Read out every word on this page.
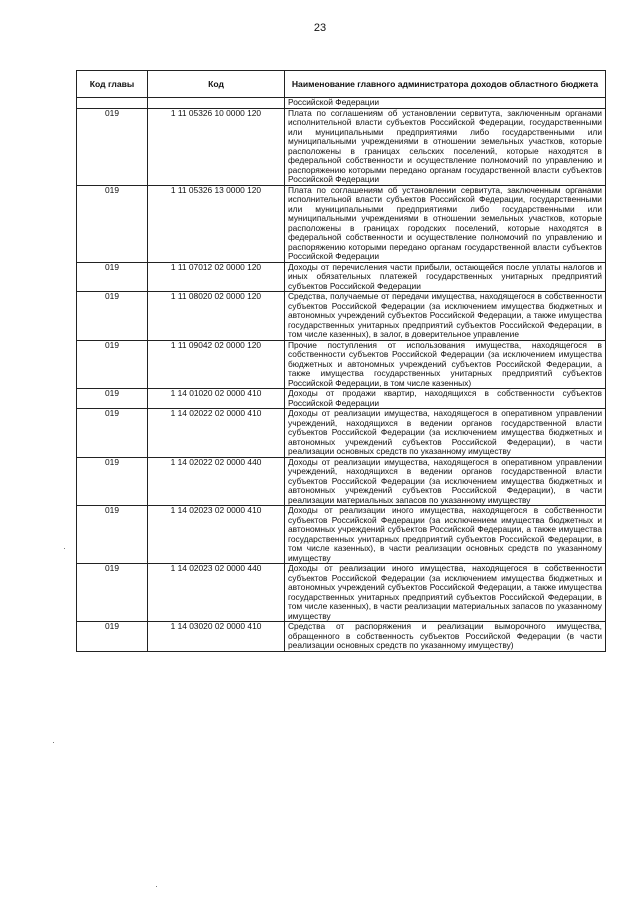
23
Код главы	Код	Наименование главного администратора доходов областного бюджета
		Российской Федерации
019	1 11 05326 10 0000 120	Плата по соглашениям об установлении сервитута, заключенным органами исполнительной власти субъектов Российской Федерации, государственными или муниципальными предприятиями либо государственными или муниципальными учреждениями в отношении земельных участков, которые расположены в границах сельских поселений, которые находятся в федеральной собственности и осуществление полномочий по управлению и распоряжению которыми передано органам государственной власти субъектов Российской Федерации
019	1 11 05326 13 0000 120	Плата по соглашениям об установлении сервитута, заключенным органами исполнительной власти субъектов Российской Федерации, государственными или муниципальными предприятиями либо государственными или муниципальными учреждениями в отношении земельных участков, которые расположены в границах городских поселений, которые находятся в федеральной собственности и осуществление полномочий по управлению и распоряжению которыми передано органам государственной власти субъектов Российской Федерации
019	1 11 07012 02 0000 120	Доходы от перечисления части прибыли, остающейся после уплаты налогов и иных обязательных платежей государственных унитарных предприятий субъектов Российской Федерации
019	1 11 08020 02 0000 120	Средства, получаемые от передачи имущества, находящегося в собственности субъектов Российской Федерации (за исключением имущества бюджетных и автономных учреждений субъектов Российской Федерации, а также имущества государственных унитарных предприятий субъектов Российской Федерации, в том числе казенных), в залог, в доверительное управление
019	1 11 09042 02 0000 120	Прочие поступления от использования имущества, находящегося в собственности субъектов Российской Федерации (за исключением имущества бюджетных и автономных учреждений субъектов Российской Федерации, а также имущества государственных унитарных предприятий субъектов Российской Федерации, в том числе казенных)
019	1 14 01020 02 0000 410	Доходы от продажи квартир, находящихся в собственности субъектов Российской Федерации
019	1 14 02022 02 0000 410	Доходы от реализации имущества, находящегося в оперативном управлении учреждений, находящихся в ведении органов государственной власти субъектов Российской Федерации (за исключением имущества бюджетных и автономных учреждений субъектов Российской Федерации), в части реализации основных средств по указанному имуществу
019	1 14 02022 02 0000 440	Доходы от реализации имущества, находящегося в оперативном управлении учреждений, находящихся в ведении органов государственной власти субъектов Российской Федерации (за исключением имущества бюджетных и автономных учреждений субъектов Российской Федерации), в части реализации материальных запасов по указанному имуществу
019	1 14 02023 02 0000 410	Доходы от реализации иного имущества, находящегося в собственности субъектов Российской Федерации (за исключением имущества бюджетных и автономных учреждений субъектов Российской Федерации, а также имущества государственных унитарных предприятий субъектов Российской Федерации, в том числе казенных), в части реализации основных средств по указанному имуществу
019	1 14 02023 02 0000 440	Доходы от реализации иного имущества, находящегося в собственности субъектов Российской Федерации (за исключением имущества бюджетных и автономных учреждений субъектов Российской Федерации, а также имущества государственных унитарных предприятий субъектов Российской Федерации, в том числе казенных), в части реализации материальных запасов по указанному имуществу
019	1 14 03020 02 0000 410	Средства от распоряжения и реализации выморочного имущества, обращенного в собственность субъектов Российской Федерации (в части реализации основных средств по указанному имуществу)
